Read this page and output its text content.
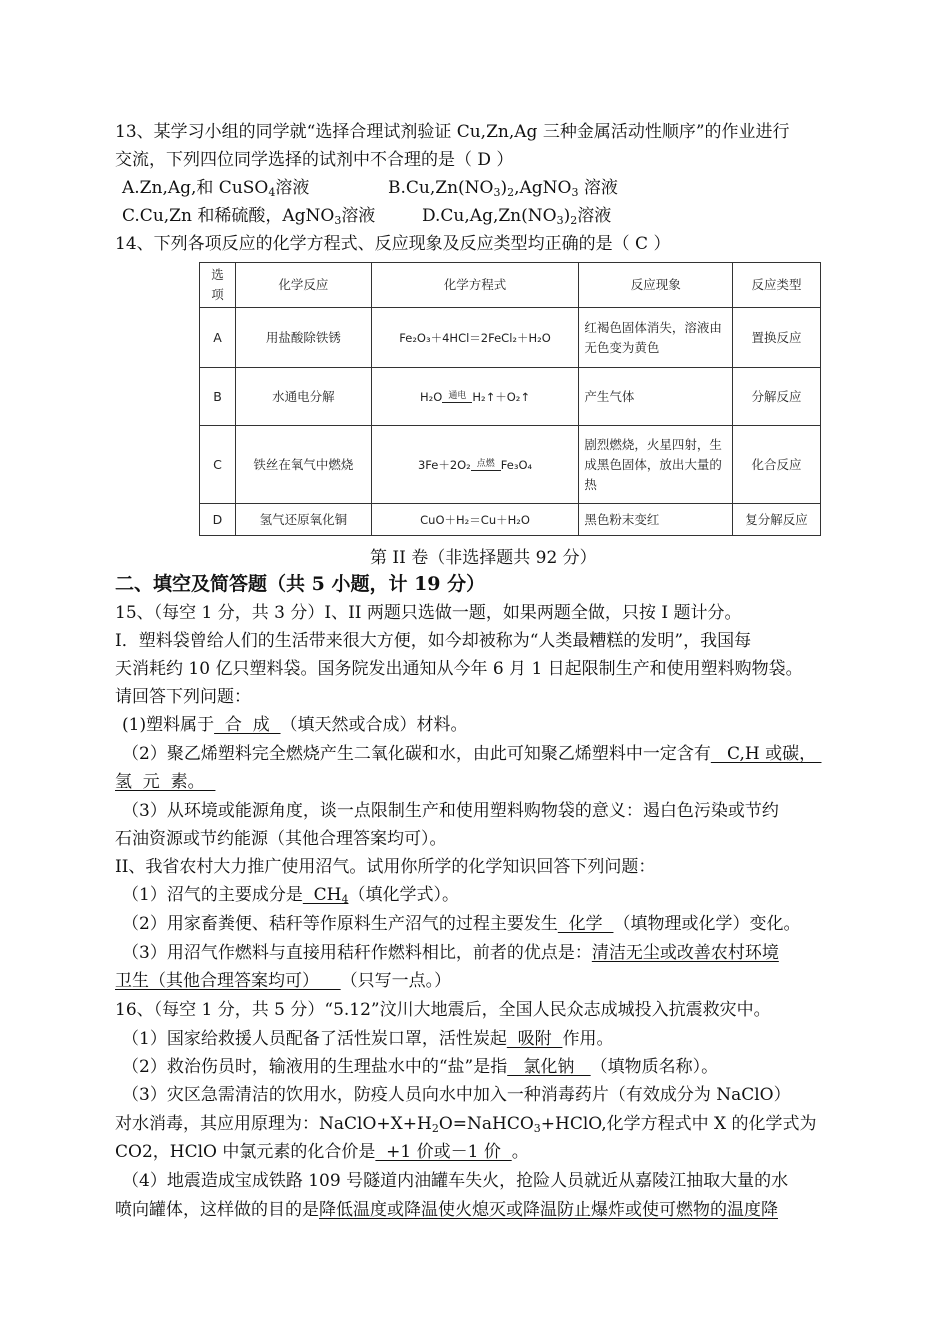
13、某学习小组的同学就“选择合理试剂验证 Cu,Zn,Ag 三种金属活动性顺序”的作业进行
交流，下列四位同学选择的试剂中不合理的是（ D ）
A.Zn,Ag,和 CuSO$_4$溶液	$B.Cu,Zn(NO_3)_2,AgNO_3$ 溶液
C.Cu,Zn 和稀硫酸，AgNO$_3$溶液	$D.Cu,Ag,Zn(NO_3)_2$溶液
14、下列各项反应的化学方程式、反应现象及反应类型均正确的是（ C ）
选项	化学反应	化学方程式	反应现象	反应类型
A	用盐酸除铁锈	Fe₂O₃＋4HCl＝2FeCl₂＋H₂O	红褐色固体消失，溶液由无色变为黄色	置换反应
B	水通电分解	H₂O 通电 H₂↑＋O₂↑	产生气体	分解反应
C	铁丝在氧气中燃烧	3Fe＋2O₂ 点燃 Fe₃O₄	剧烈燃烧，火星四射，生成黑色固体，放出大量的热	化合反应
D	氢气还原氧化铜	CuO＋H₂＝Cu＋H₂O	黑色粉末变红	复分解反应
第 II 卷（非选择题共 92 分）
二、填空及简答题（共 5 小题，计 19 分）
15、（每空 1 分，共 3 分）I、II 两题只选做一题，如果两题全做，只按 I 题计分。
I．塑料袋曾给人们的生活带来很大方便，如今却被称为“人类最糟糕的发明”，我国每
天消耗约 10 亿只塑料袋。国务院发出通知从今年 6 月 1 日起限制生产和使用塑料购物袋。
请回答下列问题：
(1)塑料属于  合  成  （填天然或合成）材料。
（2）聚乙烯塑料完全燃烧产生二氧化碳和水，由此可知聚乙烯塑料中一定含有   C,H 或碳，
氢  元  素。
（3）从环境或能源角度，谈一点限制生产和使用塑料购物袋的意义：遏白色污染或节约
石油资源或节约能源（其他合理答案均可）。
II、我省农村大力推广使用沼气。试用你所学的化学知识回答下列问题：
（1）沼气的主要成分是  $CH_4$（填化学式）。
（2）用家畜粪便、秸秆等作原料生产沼气的过程主要发生  化学  （填物理或化学）变化。
（3）用沼气作燃料与直接用秸秆作燃料相比，前者的优点是：清洁无尘或改善农村环境
卫生（其他合理答案均可）    （只写一点。）
16、（每空 1 分，共 5 分）“5.12”汶川大地震后，全国人民众志成城投入抗震救灾中。
（1）国家给救援人员配备了活性炭口罩，活性炭起  吸附  作用。
（2）救治伤员时，输液用的生理盐水中的“盐”是指   氯化钠   （填物质名称）。
（3）灾区急需清洁的饮用水，防疫人员向水中加入一种消毒药片（有效成分为 NaClO）
对水消毒，其应用原理为：$NaClO+X+H_2O=NaHCO_3+HClO$,化学方程式中 X 的化学式为
CO2，HClO 中氯元素的化合价是  +1 价或－1 价  。
（4）地震造成宝成铁路 109 号隧道内油罐车失火，抢险人员就近从嘉陵江抽取大量的水
喷向罐体，这样做的目的是降低温度或降温使火熄灭或降温防止爆炸或使可燃物的温度降
